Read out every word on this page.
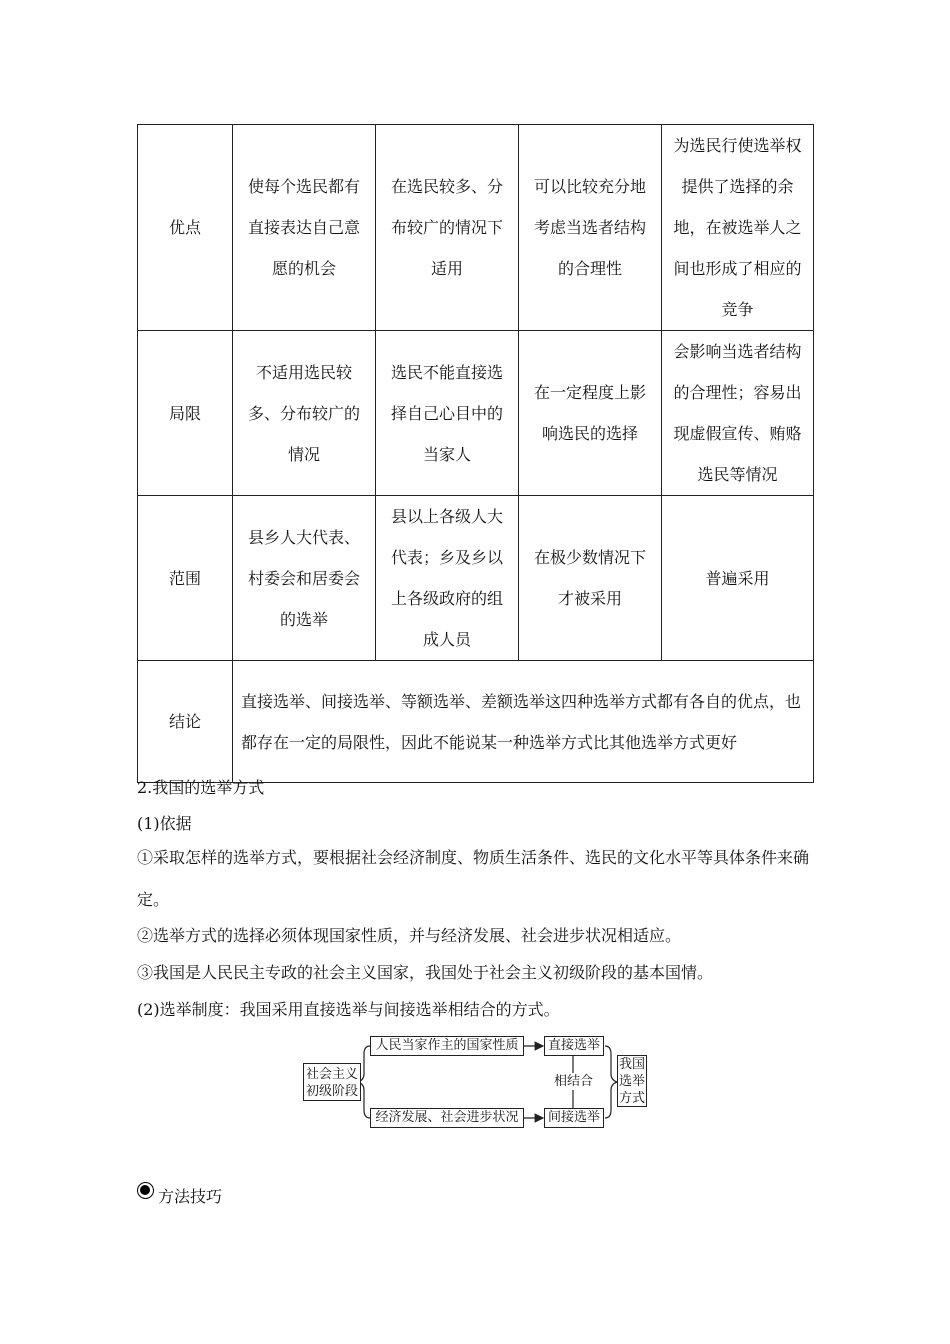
优点	使每个选民都有直接表达自己意愿的机会	在选民较多、分布较广的情况下适用	可以比较充分地考虑当选者结构的合理性	为选民行使选举权提供了选择的余地，在被选举人之间也形成了相应的竞争
局限	不适用选民较多、分布较广的情况	选民不能直接选择自己心目中的当家人	在一定程度上影响选民的选择	会影响当选者结构的合理性；容易出现虚假宣传、贿赂选民等情况
范围	县乡人大代表、村委会和居委会的选举	县以上各级人大代表；乡及乡以上各级政府的组成人员	在极少数情况下才被采用	普遍采用
结论	直接选举、间接选举、等额选举、差额选举这四种选举方式都有各自的优点，也都存在一定的局限性，因此不能说某一种选举方式比其他选举方式更好			
2.我国的选举方式
(1)依据
①采取怎样的选举方式，要根据社会经济制度、物质生活条件、选民的文化水平等具体条件来确定。
②选举方式的选择必须体现国家性质，并与经济发展、社会进步状况相适应。
③我国是人民民主专政的社会主义国家，我国处于社会主义初级阶段的基本国情。
(2)选举制度：我国采用直接选举与间接选举相结合的方式。
社会主义初级阶段
人民当家作主的国家性质
经济发展、社会进步状况
直接选举
间接选举
相结合
我国选举方式
方法技巧
